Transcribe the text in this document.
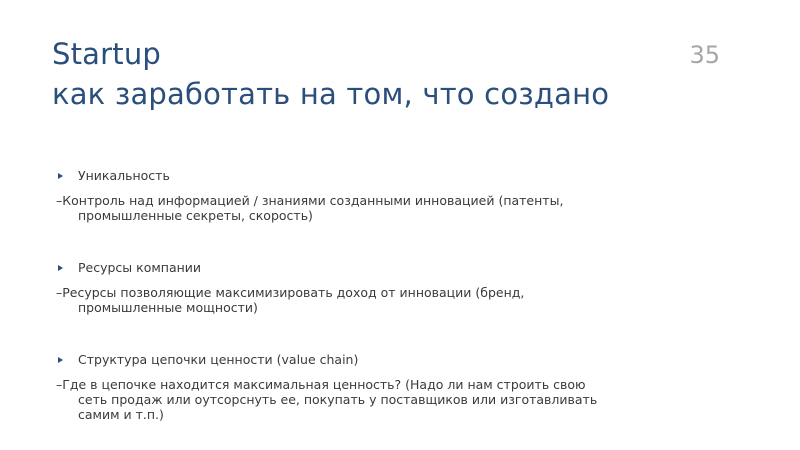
Startup
как заработать на том, что создано
35
Уникальность
–Контроль над информацией / знаниями созданными инновацией (патенты,
промышленные секреты, скорость)
Ресурсы компании
–Ресурсы позволяющие максимизировать доход от инновации (бренд,
промышленные мощности)
Структура цепочки ценности (value chain)
–Где в цепочке находится максимальная ценность? (Надо ли нам строить свою
сеть продаж или оутсорснуть ее, покупать у поставщиков или изготавливать
самим и т.п.)
